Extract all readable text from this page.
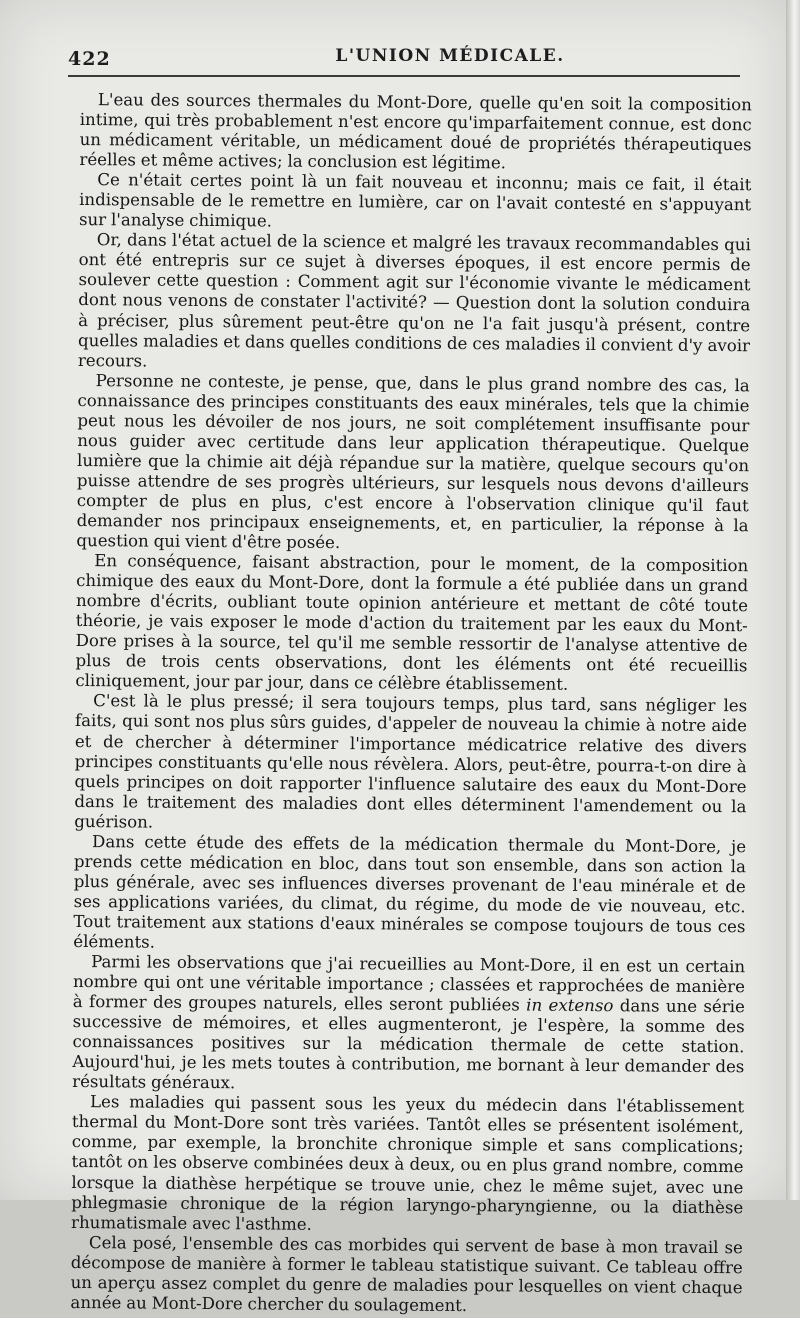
422	L'UNION MÉDICALE.

L'eau des sources thermales du Mont-Dore, quelle qu'en soit la composition intime, qui très probablement n'est encore qu'imparfaitement connue, est donc un médicament véritable, un médicament doué de propriétés thérapeutiques réelles et même actives; la conclusion est légitime.

Ce n'était certes point là un fait nouveau et inconnu; mais ce fait, il était indispensable de le remettre en lumière, car on l'avait contesté en s'appuyant sur l'analyse chimique.

Or, dans l'état actuel de la science et malgré les travaux recommandables qui ont été entrepris sur ce sujet à diverses époques, il est encore permis de soulever cette question : Comment agit sur l'économie vivante le médicament dont nous venons de constater l'activité? — Question dont la solution conduira à préciser, plus sûrement peut-être qu'on ne l'a fait jusqu'à présent, contre quelles maladies et dans quelles conditions de ces maladies il convient d'y avoir recours.

Personne ne conteste, je pense, que, dans le plus grand nombre des cas, la connaissance des principes constituants des eaux minérales, tels que la chimie peut nous les dévoiler de nos jours, ne soit complétement insuffisante pour nous guider avec certitude dans leur application thérapeutique. Quelque lumière que la chimie ait déjà répandue sur la matière, quelque secours qu'on puisse attendre de ses progrès ultérieurs, sur lesquels nous devons d'ailleurs compter de plus en plus, c'est encore à l'observation clinique qu'il faut demander nos principaux enseignements, et, en particulier, la réponse à la question qui vient d'être posée.

En conséquence, faisant abstraction, pour le moment, de la composition chimique des eaux du Mont-Dore, dont la formule a été publiée dans un grand nombre d'écrits, oubliant toute opinion antérieure et mettant de côté toute théorie, je vais exposer le mode d'action du traitement par les eaux du Mont-Dore prises à la source, tel qu'il me semble ressortir de l'analyse attentive de plus de trois cents observations, dont les éléments ont été recueillis cliniquement, jour par jour, dans ce célèbre établissement.

C'est là le plus pressé; il sera toujours temps, plus tard, sans négliger les faits, qui sont nos plus sûrs guides, d'appeler de nouveau la chimie à notre aide et de chercher à déterminer l'importance médicatrice relative des divers principes constituants qu'elle nous révèlera. Alors, peut-être, pourra-t-on dire à quels principes on doit rapporter l'influence salutaire des eaux du Mont-Dore dans le traitement des maladies dont elles déterminent l'amendement ou la guérison.

Dans cette étude des effets de la médication thermale du Mont-Dore, je prends cette médication en bloc, dans tout son ensemble, dans son action la plus générale, avec ses influences diverses provenant de l'eau minérale et de ses applications variées, du climat, du régime, du mode de vie nouveau, etc. Tout traitement aux stations d'eaux minérales se compose toujours de tous ces éléments.

Parmi les observations que j'ai recueillies au Mont-Dore, il en est un certain nombre qui ont une véritable importance ; classées et rapprochées de manière à former des groupes naturels, elles seront publiées in extenso dans une série successive de mémoires, et elles augmenteront, je l'espère, la somme des connaissances positives sur la médication thermale de cette station. Aujourd'hui, je les mets toutes à contribution, me bornant à leur demander des résultats généraux.

Les maladies qui passent sous les yeux du médecin dans l'établissement thermal du Mont-Dore sont très variées. Tantôt elles se présentent isolément, comme, par exemple, la bronchite chronique simple et sans complications; tantôt on les observe combinées deux à deux, ou en plus grand nombre, comme lorsque la diathèse herpétique se trouve unie, chez le même sujet, avec une phlegmasie chronique de la région laryngo-pharyngienne, ou la diathèse rhumatismale avec l'asthme.

Cela posé, l'ensemble des cas morbides qui servent de base à mon travail se décompose de manière à former le tableau statistique suivant. Ce tableau offre un aperçu assez complet du genre de maladies pour lesquelles on vient chaque année au Mont-Dore chercher du soulagement.
